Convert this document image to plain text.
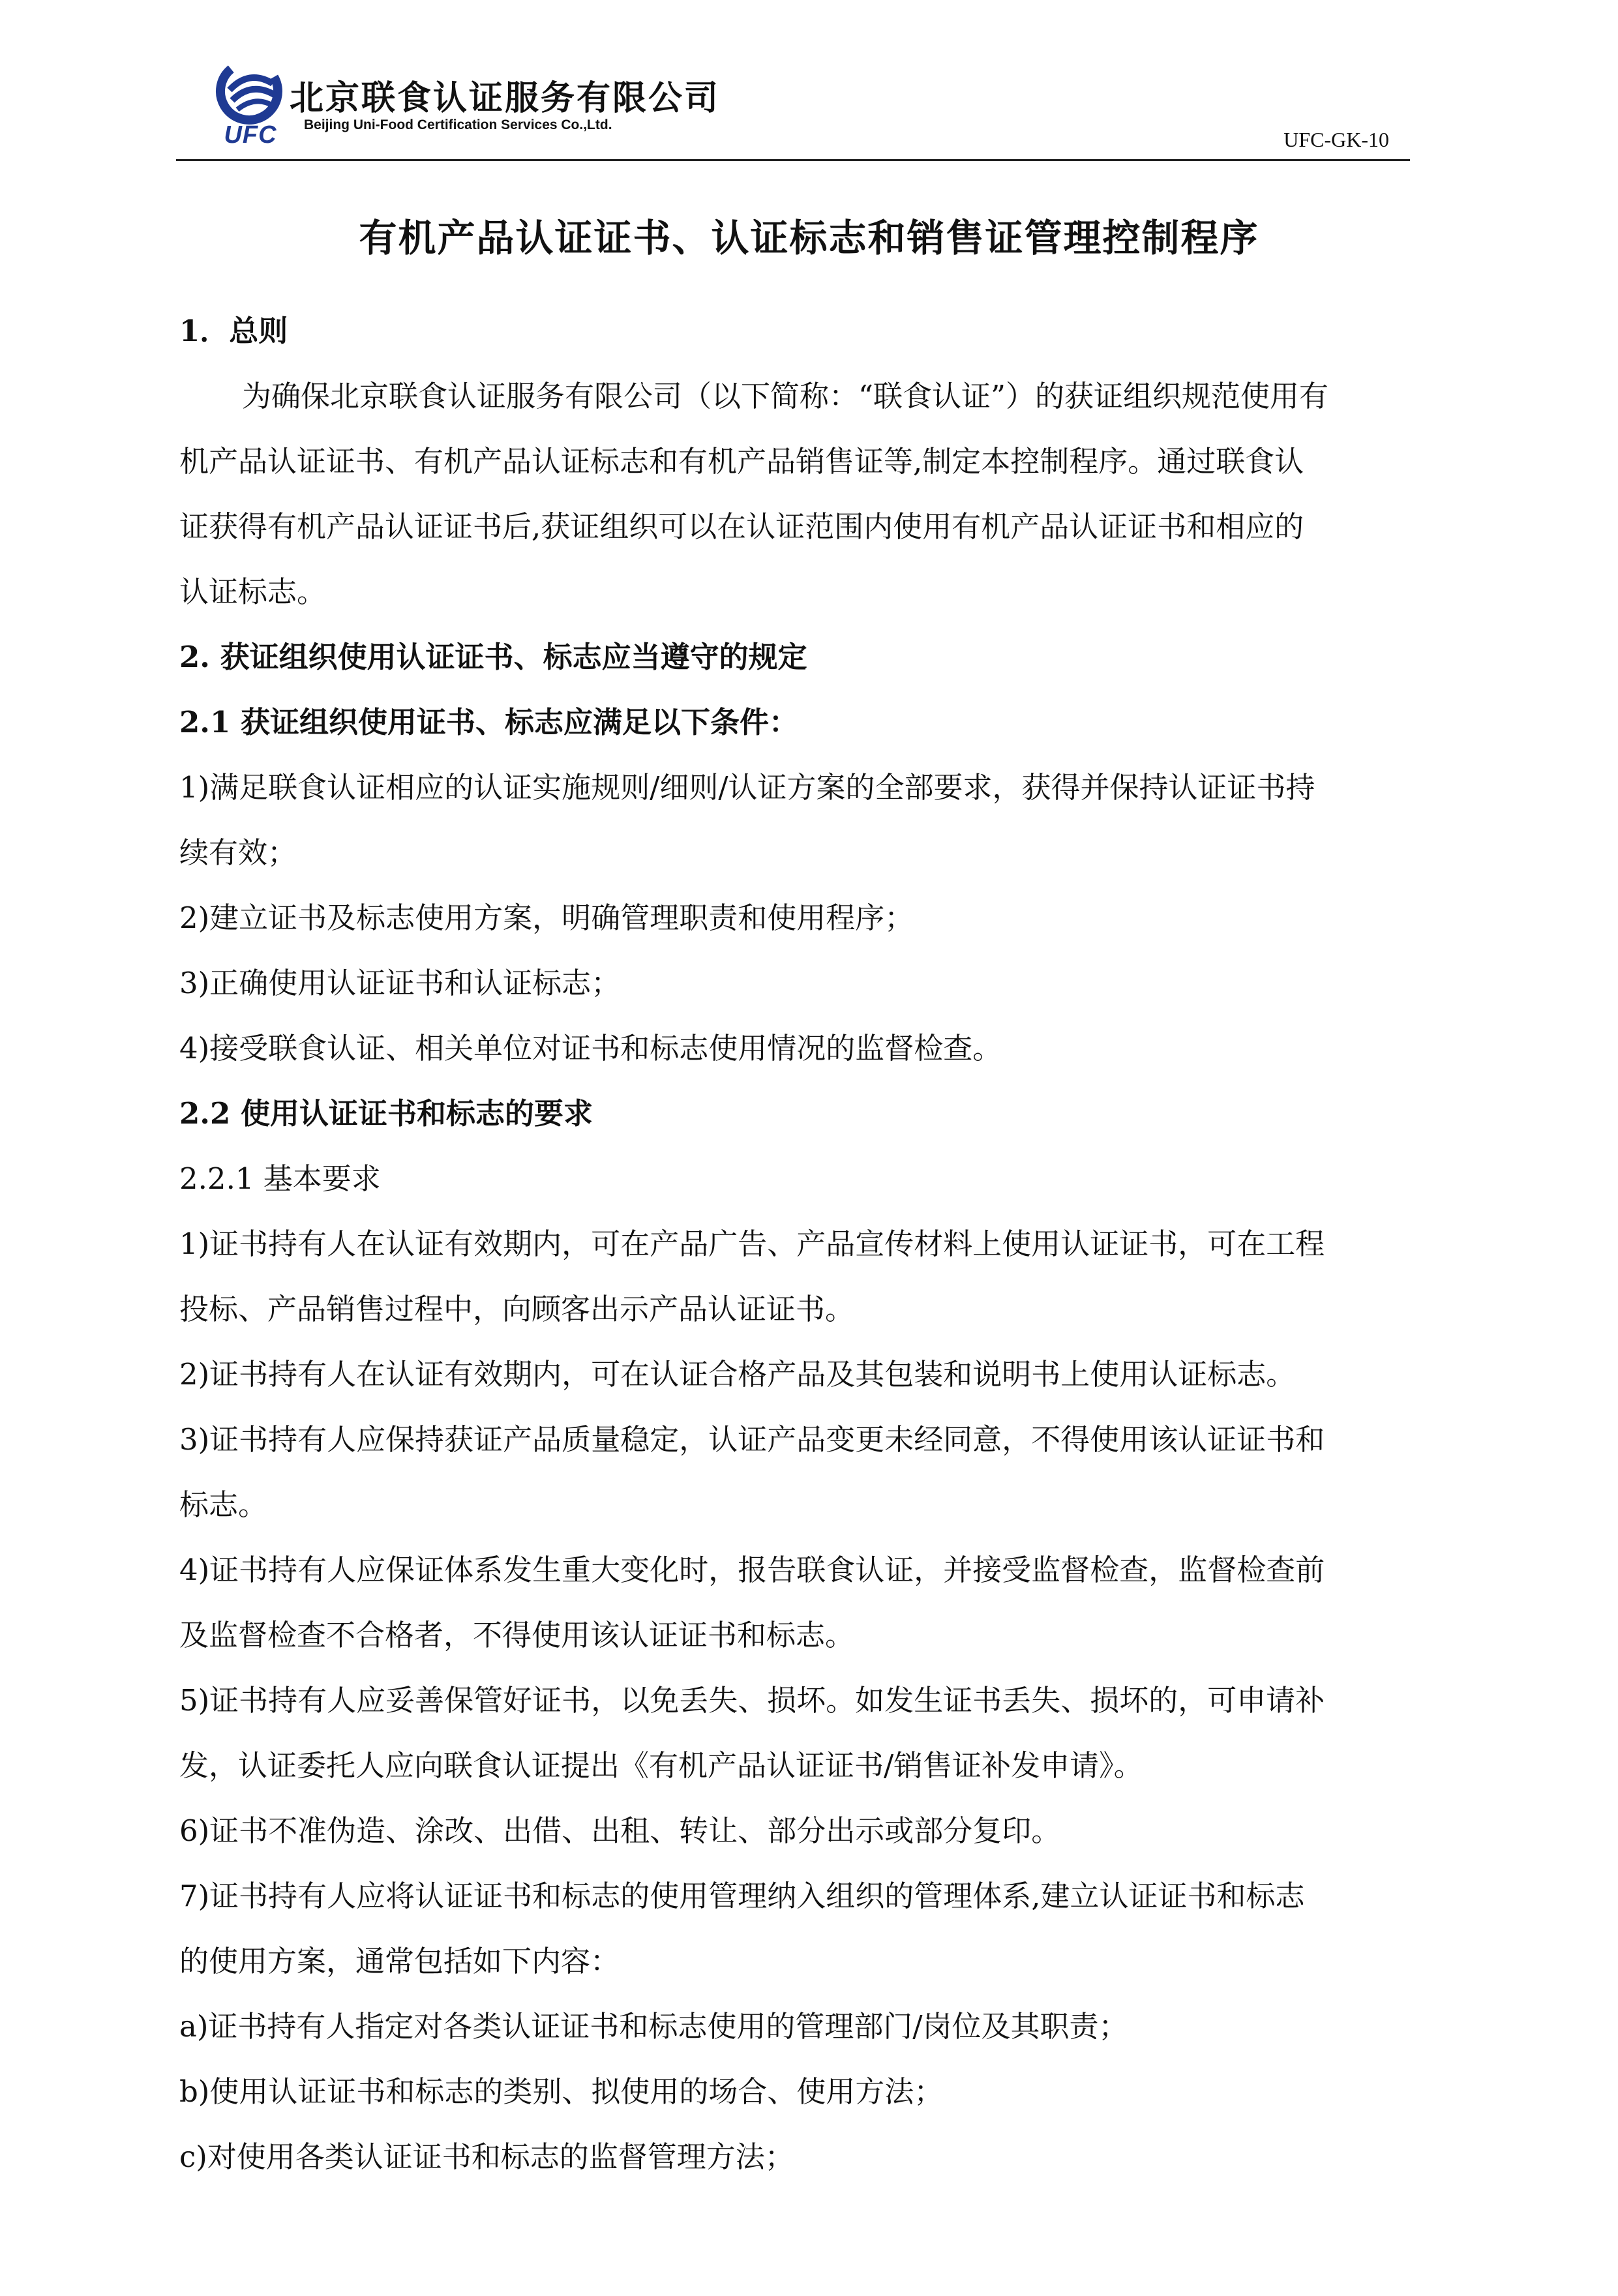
UFC
北京联食认证服务有限公司
Beijing Uni-Food Certification Services Co.,Ltd.
UFC-GK-10
有机产品认证证书、认证标志和销售证管理控制程序
1．总则
为确保北京联食认证服务有限公司（以下简称：“联食认证”）的获证组织规范使用有
机产品认证证书、有机产品认证标志和有机产品销售证等,制定本控制程序。通过联食认
证获得有机产品认证证书后,获证组织可以在认证范围内使用有机产品认证证书和相应的
认证标志。
2. 获证组织使用认证证书、标志应当遵守的规定
2.1 获证组织使用证书、标志应满足以下条件：
1)满足联食认证相应的认证实施规则/细则/认证方案的全部要求，获得并保持认证证书持
续有效；
2)建立证书及标志使用方案，明确管理职责和使用程序；
3)正确使用认证证书和认证标志；
4)接受联食认证、相关单位对证书和标志使用情况的监督检查。
2.2 使用认证证书和标志的要求
2.2.1 基本要求
1)证书持有人在认证有效期内，可在产品广告、产品宣传材料上使用认证证书，可在工程
投标、产品销售过程中，向顾客出示产品认证证书。
2)证书持有人在认证有效期内，可在认证合格产品及其包装和说明书上使用认证标志。
3)证书持有人应保持获证产品质量稳定，认证产品变更未经同意，不得使用该认证证书和
标志。
4)证书持有人应保证体系发生重大变化时，报告联食认证，并接受监督检查，监督检查前
及监督检查不合格者，不得使用该认证证书和标志。
5)证书持有人应妥善保管好证书，以免丢失、损坏。如发生证书丢失、损坏的，可申请补
发，认证委托人应向联食认证提出《有机产品认证证书/销售证补发申请》。
6)证书不准伪造、涂改、出借、出租、转让、部分出示或部分复印。
7)证书持有人应将认证证书和标志的使用管理纳入组织的管理体系,建立认证证书和标志
的使用方案，通常包括如下内容：
a)证书持有人指定对各类认证证书和标志使用的管理部门/岗位及其职责；
b)使用认证证书和标志的类别、拟使用的场合、使用方法；
c)对使用各类认证证书和标志的监督管理方法；
